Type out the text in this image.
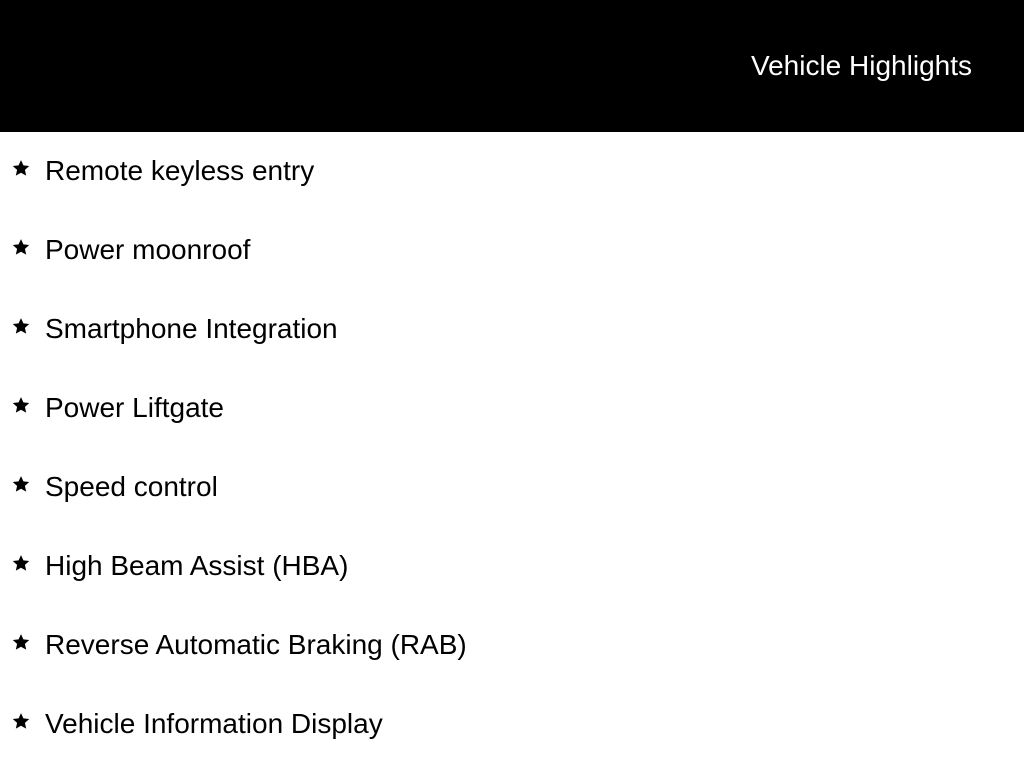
Vehicle Highlights
Remote keyless entry
Power moonroof
Smartphone Integration
Power Liftgate
Speed control
High Beam Assist (HBA)
Reverse Automatic Braking (RAB)
Vehicle Information Display
